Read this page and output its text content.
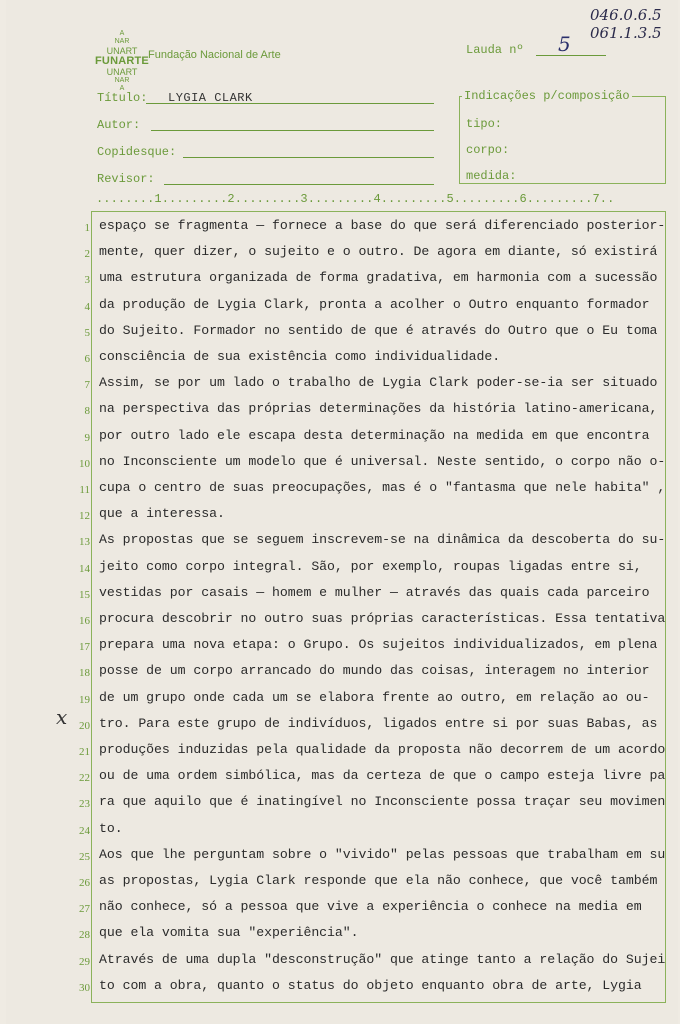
A
NAR
UNART
FUNARTE
UNART
NAR
A
Fundação Nacional de Arte	Lauda nº 5
046.0.6.5
061.1.3.5
Título: LYGIA CLARK
Autor:
Copidesque:
Revisor:
Indicações p/composição
tipo:
corpo:
medida:
........1.........2.........3.........4.........5.........6.........7..
1 espaço se fragmenta — fornece a base do que será diferenciado posterior-
2 mente, quer dizer, o sujeito e o outro. De agora em diante, só existirá
3 uma estrutura organizada de forma gradativa, em harmonia com a sucessão
4 da produção de Lygia Clark, pronta a acolher o Outro enquanto formador
5 do Sujeito. Formador no sentido de que é através do Outro que o Eu toma
6 consciência de sua existência como individualidade.
7 Assim, se por um lado o trabalho de Lygia Clark poder-se-ia ser situado
8 na perspectiva das próprias determinações da história latino-americana,
9 por outro lado ele escapa desta determinação na medida em que encontra
10 no Inconsciente um modelo que é universal. Neste sentido, o corpo não o-
11 cupa o centro de suas preocupações, mas é o "fantasma que nele habita" ,
12 que a interessa.
13 As propostas que se seguem inscrevem-se na dinâmica da descoberta do su-
14 jeito como corpo integral. São, por exemplo, roupas ligadas entre si,
15 vestidas por casais — homem e mulher — através das quais cada parceiro
16 procura descobrir no outro suas próprias características. Essa tentativa
17 prepara uma nova etapa: o Grupo. Os sujeitos individualizados, em plena
18 posse de um corpo arrancado do mundo das coisas, interagem no interior
19 de um grupo onde cada um se elabora frente ao outro, em relação ao ou-
20 tro. Para este grupo de indivíduos, ligados entre si por suas Babas, as
21 produções induzidas pela qualidade da proposta não decorrem de um acordo
22 ou de uma ordem simbólica, mas da certeza de que o campo esteja livre pa
23 ra que aquilo que é inatingível no Inconsciente possa traçar seu movimen
24 to.
25 Aos que lhe perguntam sobre o "vivido" pelas pessoas que trabalham em su
26 as propostas, Lygia Clark responde que ela não conhece, que você também
27 não conhece, só a pessoa que vive a experiência o conhece na media em
28 que ela vomita sua "experiência".
29 Através de uma dupla "desconstrução" que atinge tanto a relação do Sujei
30 to com a obra, quanto o status do objeto enquanto obra de arte, Lygia
x
